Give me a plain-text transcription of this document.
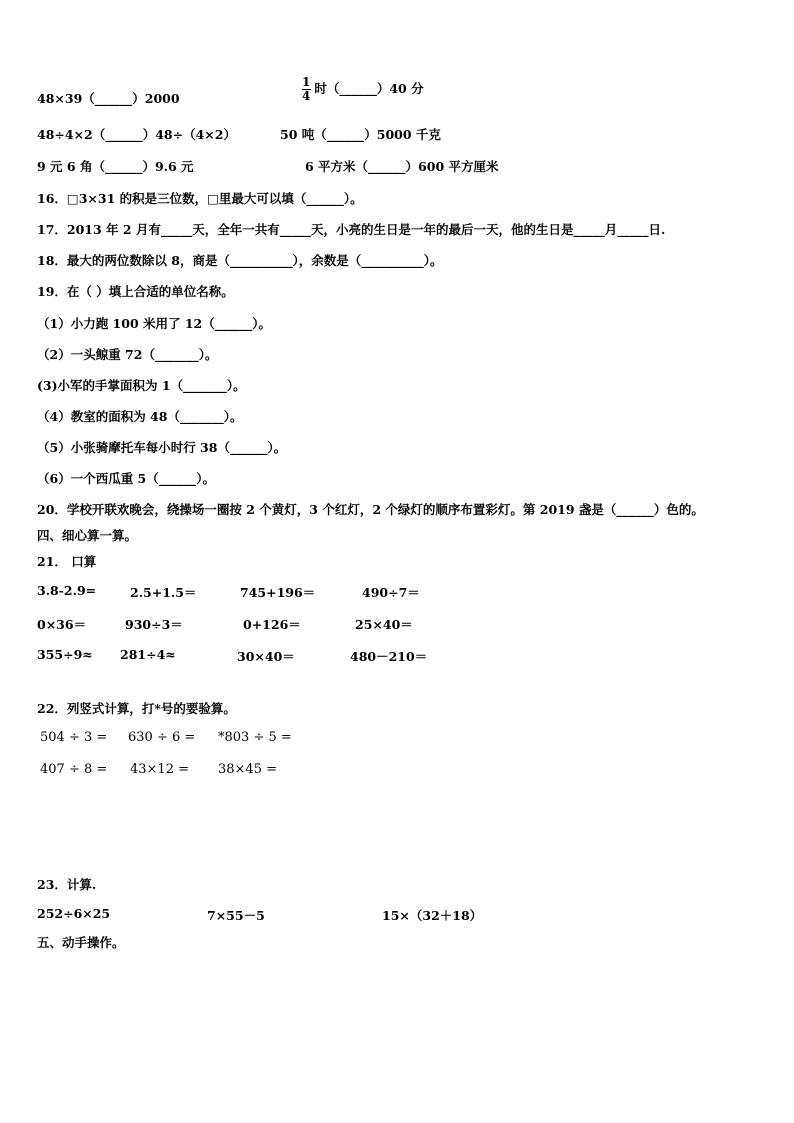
48×39（______）2000	$\frac{1}{4}$ 时（______）40 分
48÷4×2（______）48÷（4×2）	50 吨（______）5000 千克
9 元 6 角（______）9.6 元	6 平方米（______）600 平方厘米
16．□3×31 的积是三位数，□里最大可以填（______）。
17．2013 年 2 月有_____天，全年一共有_____天，小亮的生日是一年的最后一天，他的生日是_____月_____日.
18．最大的两位数除以 8，商是（__________），余数是（__________）。
19．在（ ）填上合适的单位名称。
（1）小力跑 100 米用了 12（______）。
（2）一头鲸重 72（_______）。
(3)小军的手掌面积为 1（_______）。
（4）教室的面积为 48（_______）。
（5）小张骑摩托车每小时行 38（______）。
（6）一个西瓜重 5（______）。
20．学校开联欢晚会，绕操场一圈按 2 个黄灯，3 个红灯，2 个绿灯的顺序布置彩灯。第 2019 盏是（______）色的。
四、细心算一算。
21． 口算
3.8-2.9=	2.5+1.5＝	745+196＝	490÷7＝
0×36＝	930÷3＝	0+126＝	25×40＝
355÷9≈ 281÷4≈	30×40＝	480－210＝
22．列竖式计算，打*号的要验算。
504 ÷ 3 = 630 ÷ 6 = *803 ÷ 5 =
407 ÷ 8 = 43×12 = 38×45 =
23．计算.
252÷6×25	7×55－5	15×（32＋18）
五、动手操作。
